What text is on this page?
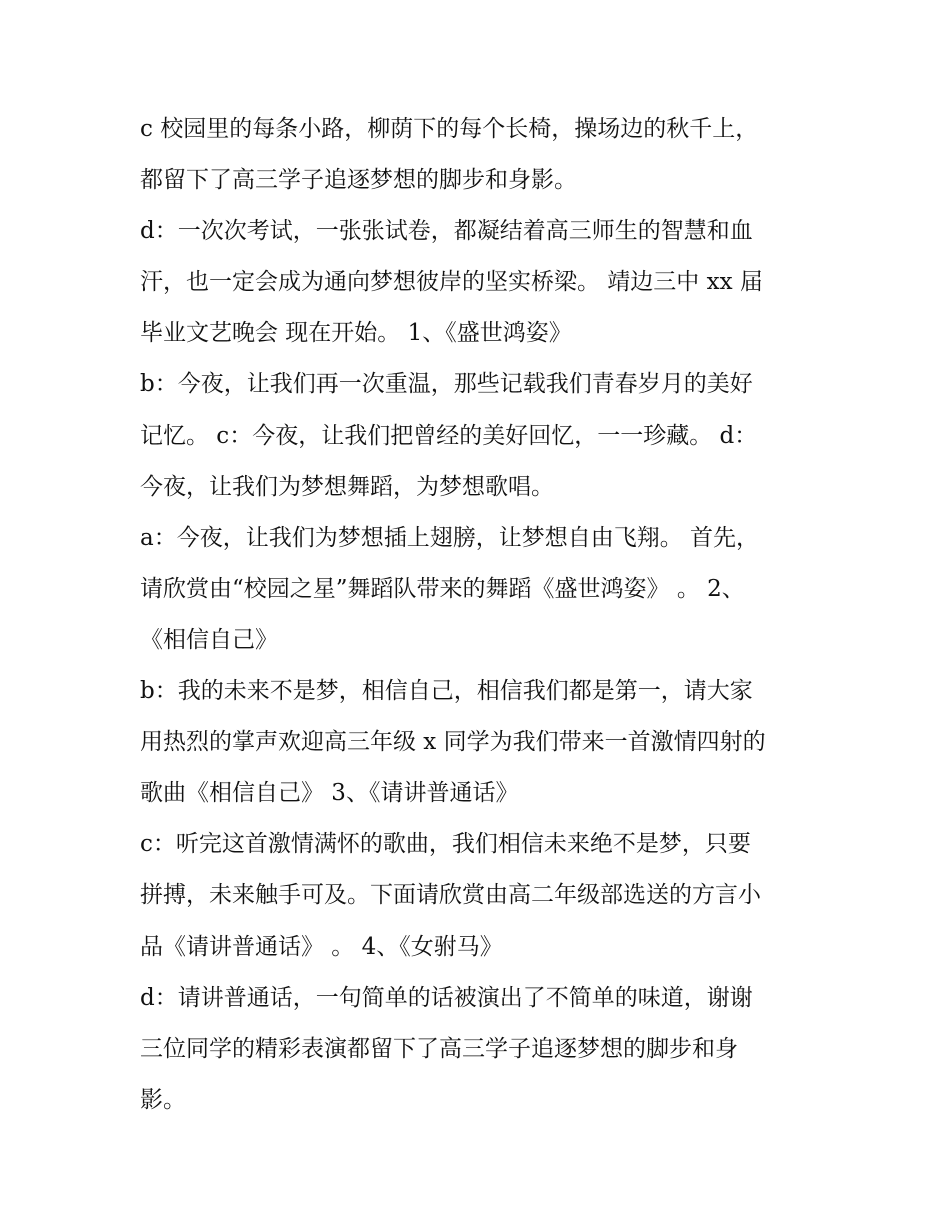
c 校园里的每条小路，柳荫下的每个长椅，操场边的秋千上，

都留下了高三学子追逐梦想的脚步和身影。

d：一次次考试，一张张试卷，都凝结着高三师生的智慧和血

汗，也一定会成为通向梦想彼岸的坚实桥梁。 靖边三中 xx 届

毕业文艺晚会 现在开始。 1、《盛世鸿姿》

b：今夜，让我们再一次重温，那些记载我们青春岁月的美好

记忆。 c：今夜，让我们把曾经的美好回忆，一一珍藏。 d：

今夜，让我们为梦想舞蹈，为梦想歌唱。

a：今夜，让我们为梦想插上翅膀，让梦想自由飞翔。 首先，

请欣赏由“校园之星”舞蹈队带来的舞蹈《盛世鸿姿》 。 2、

《相信自己》

b：我的未来不是梦，相信自己，相信我们都是第一，请大家

用热烈的掌声欢迎高三年级 x 同学为我们带来一首激情四射的

歌曲《相信自己》 3、《请讲普通话》

c：听完这首激情满怀的歌曲，我们相信未来绝不是梦，只要

拼搏，未来触手可及。下面请欣赏由高二年级部选送的方言小

品《请讲普通话》 。 4、《女驸马》

d：请讲普通话，一句简单的话被演出了不简单的味道，谢谢

三位同学的精彩表演都留下了高三学子追逐梦想的脚步和身

影。
